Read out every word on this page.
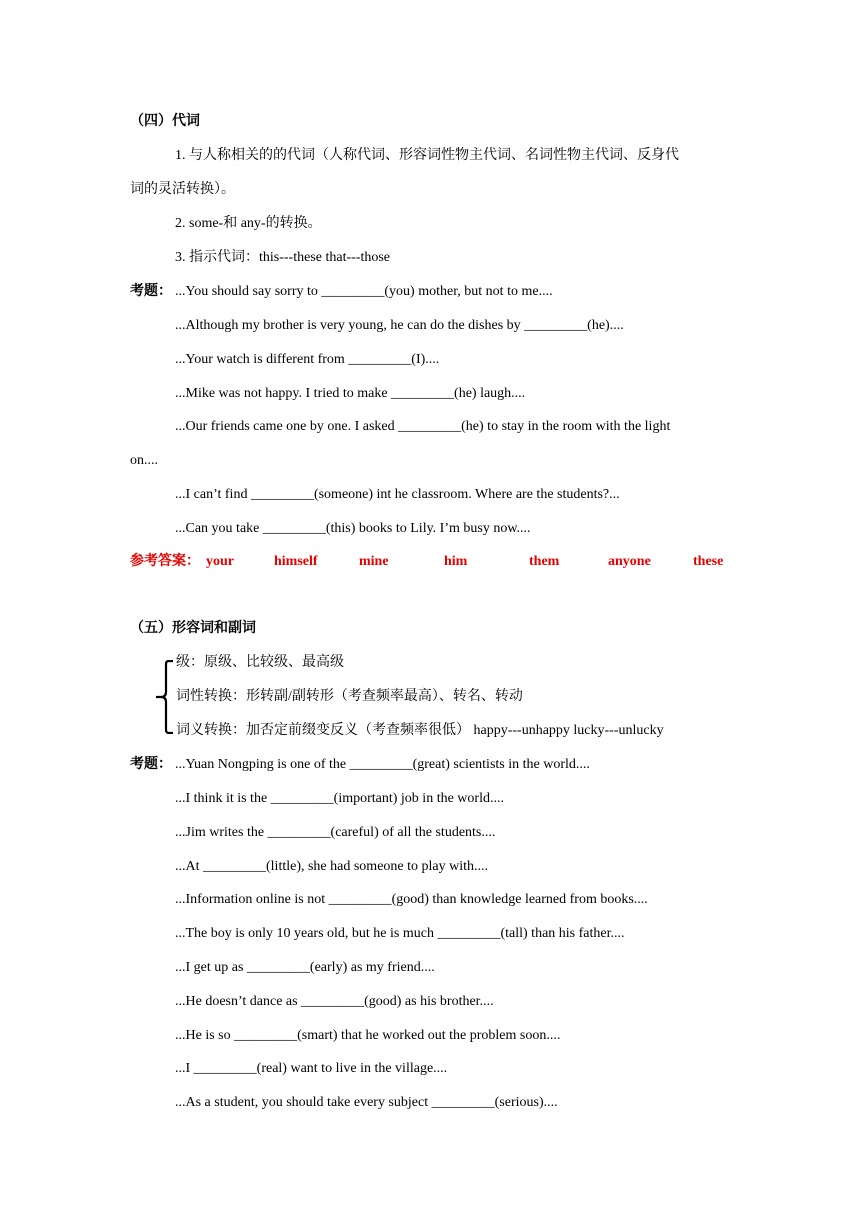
（四）代词
1. 与人称相关的的代词（人称代词、形容词性物主代词、名词性物主代词、反身代
词的灵活转换）。
2. some-和 any-的转换。
3. 指示代词：this---these that---those
考题： ...You should say sorry to _________(you) mother, but not to me....
...Although my brother is very young, he can do the dishes by _________(he)....
...Your watch is different from _________(I)....
...Mike was not happy. I tried to make _________(he) laugh....
...Our friends came one by one. I asked _________(he) to stay in the room with the light
on....
...I can’t find _________(someone) int he classroom. Where are the students?...
...Can you take _________(this) books to Lily. I’m busy now....
参考答案： your	himself	mine	him	them	anyone	these
（五）形容词和副词
级：原级、比较级、最高级
词性转换：形转副/副转形（考查频率最高）、转名、转动
词义转换：加否定前缀变反义（考查频率很低） happy---unhappy lucky---unlucky
考题： ...Yuan Nongping is one of the _________(great) scientists in the world....
...I think it is the _________(important) job in the world....
...Jim writes the _________(careful) of all the students....
...At _________(little), she had someone to play with....
...Information online is not _________(good) than knowledge learned from books....
...The boy is only 10 years old, but he is much _________(tall) than his father....
...I get up as _________(early) as my friend....
...He doesn’t dance as _________(good) as his brother....
...He is so _________(smart) that he worked out the problem soon....
...I _________(real) want to live in the village....
...As a student, you should take every subject _________(serious)....
